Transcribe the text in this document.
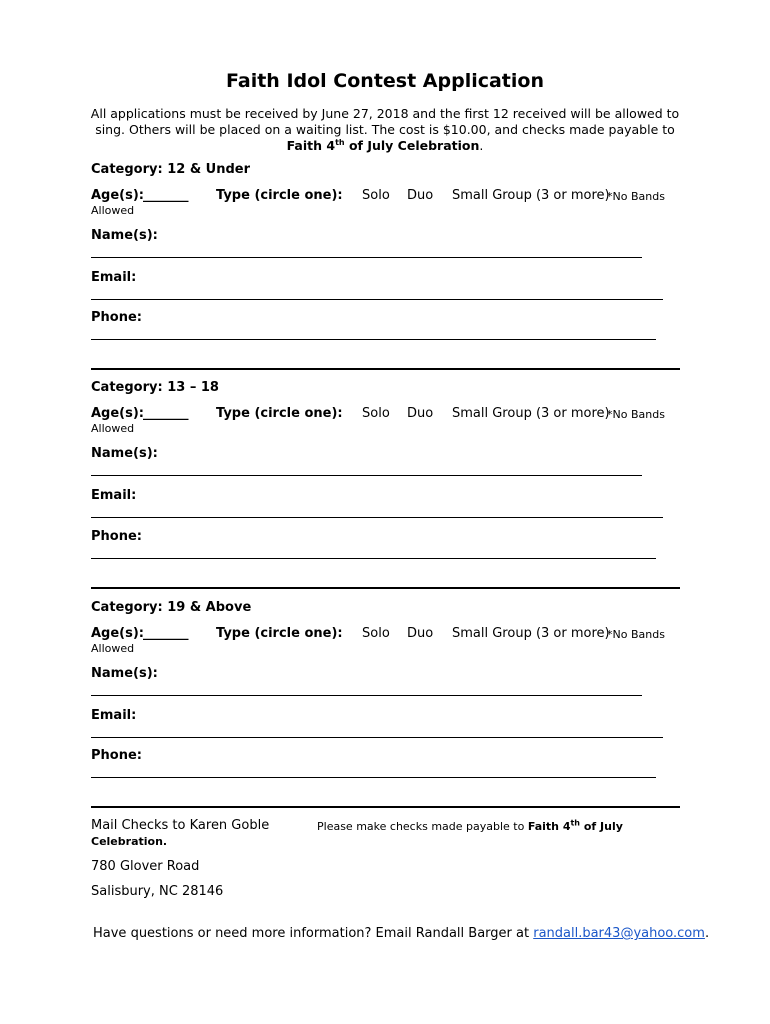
Faith Idol Contest Application
All applications must be received by June 27, 2018 and the first 12 received will be allowed to sing. Others will be placed on a waiting list. The cost is $10.00, and checks made payable to Faith 4th of July Celebration.
Category: 12 & Under
Age(s):
_______ Type (circle one): Solo Duo Small Group (3 or more)
*No Bands
Allowed
Name(s):
Email:
Phone:
Category: 13 – 18
Age(s):
_______ Type (circle one): Solo Duo Small Group (3 or more)
*No Bands
Allowed
Name(s):
Email:
Phone:
Category: 19 & Above
Age(s):
_______ Type (circle one): Solo Duo Small Group (3 or more)
*No Bands
Allowed
Name(s):
Email:
Phone:
Mail Checks to Karen Goble
Celebration.
Please make checks made payable to Faith 4th of July
780 Glover Road
Salisbury, NC 28146
Have questions or need more information? Email Randall Barger at randall.bar43@yahoo.com.
